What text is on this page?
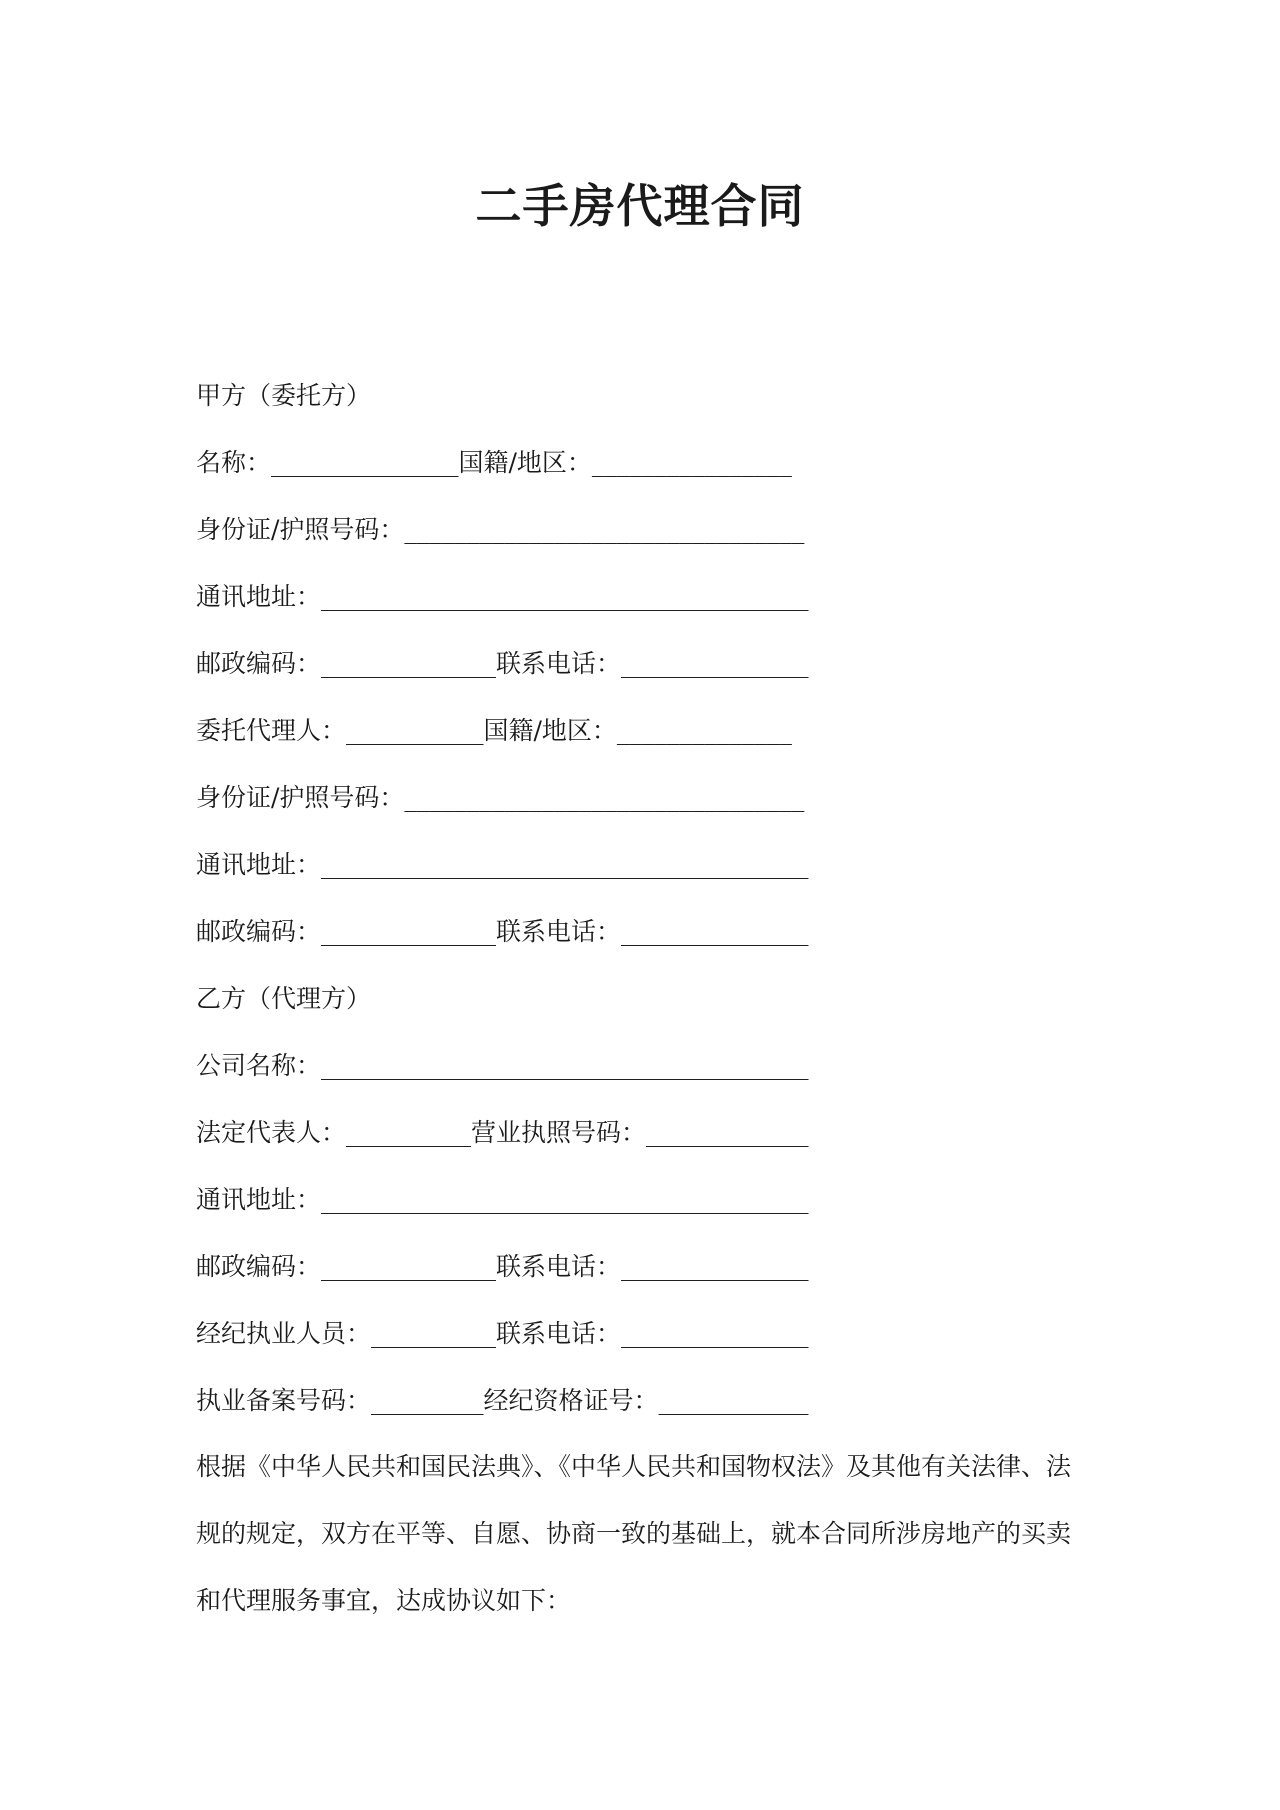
二手房代理合同
甲方（委托方）
名称：_______________国籍/地区：________________
身份证/护照号码：________________________________
通讯地址：_______________________________________
邮政编码：______________联系电话：_______________
委托代理人：___________国籍/地区：______________
身份证/护照号码：________________________________
通讯地址：_______________________________________
邮政编码：______________联系电话：_______________
乙方（代理方）
公司名称：_______________________________________
法定代表人：__________营业执照号码：_____________
通讯地址：_______________________________________
邮政编码：______________联系电话：_______________
经纪执业人员：__________联系电话：_______________
执业备案号码：_________经纪资格证号：____________
根据《中华人民共和国民法典》、《中华人民共和国物权法》及其他有关法律、法
规的规定，双方在平等、自愿、协商一致的基础上，就本合同所涉房地产的买卖
和代理服务事宜，达成协议如下：
